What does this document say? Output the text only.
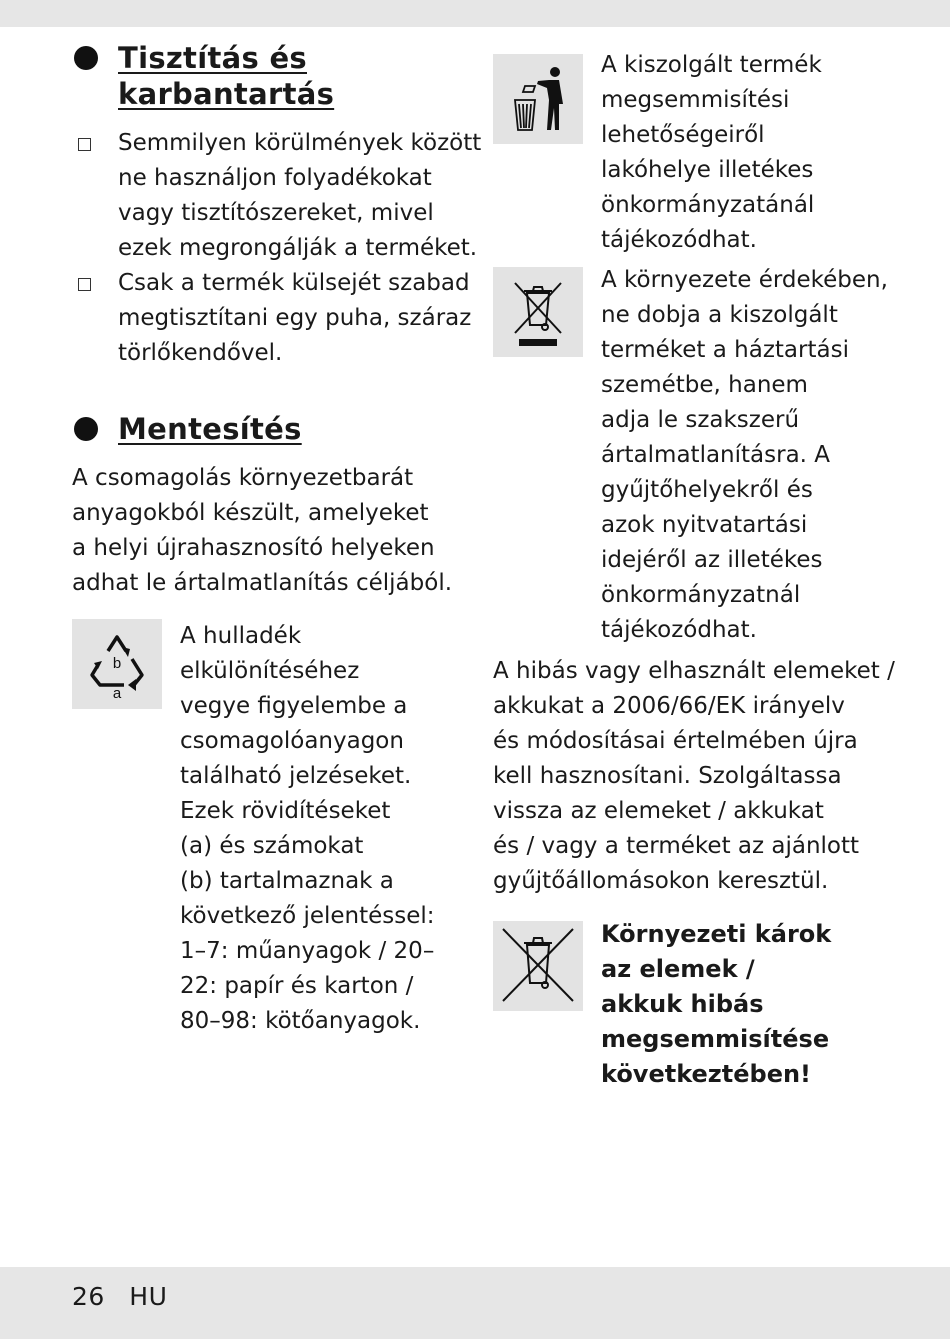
Tisztítás és
karbantartás
Semmilyen körülmények között
ne használjon folyadékokat
vagy tisztítószereket, mivel
ezek megrongálják a terméket.
Csak a termék külsejét szabad
megtisztítani egy puha, száraz
törlőkendővel.
Mentesítés
A csomagolás környezetbarát
anyagokból készült, amelyeket
a helyi újrahasznosító helyeken
adhat le ártalmatlanítás céljából.
b
a
A hulladék
elkülönítéséhez
vegye figyelembe a
csomagolóanyagon
található jelzéseket.
Ezek rövidítéseket
(a) és számokat
(b) tartalmaznak a
következő jelentéssel:
1–7: műanyagok / 20–
22: papír és karton /
80–98: kötőanyagok.
A kiszolgált termék
megsemmisítési
lehetőségeiről
lakóhelye illetékes
önkormányzatánál
tájékozódhat.
A környezete érdekében,
ne dobja a kiszolgált
terméket a háztartási
szemétbe, hanem
adja le szakszerű
ártalmatlanításra. A
gyűjtőhelyekről és
azok nyitvatartási
idejéről az illetékes
önkormányzatnál
tájékozódhat.
A hibás vagy elhasznált elemeket /
akkukat a 2006/66/EK irányelv
és módosításai értelmében újra
kell hasznosítani. Szolgáltassa
vissza az elemeket / akkukat
és / vagy a terméket az ajánlott
gyűjtőállomásokon keresztül.
Környezeti károk
az elemek /
akkuk hibás
megsemmisítése
következtében!
26 HU
